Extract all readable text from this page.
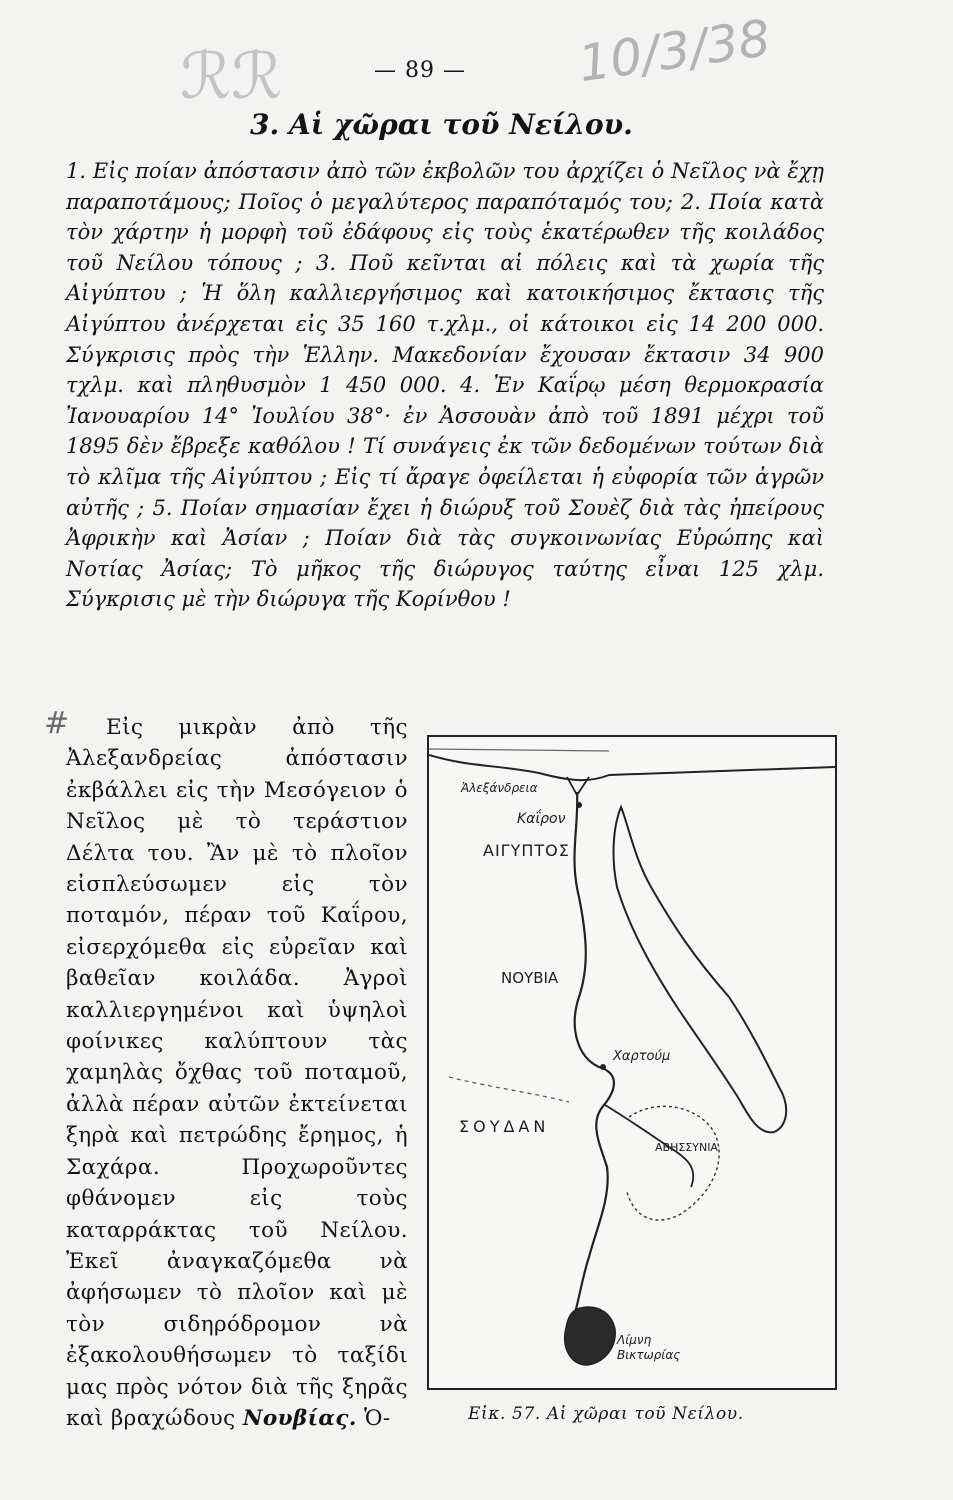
ℛℛ	10/3/38
— 89 —
3. Αἱ χῶραι τοῦ Νείλου.

1. Εἰς ποίαν ἀπόστασιν ἀπὸ τῶν ἐκβολῶν του ἀρχίζει ὁ Νεῖλος νὰ ἔχῃ παραποτάμους; Ποῖος ὁ μεγαλύτερος παραπόταμός του; 2. Ποία κατὰ τὸν χάρτην ἡ μορφὴ τοῦ ἐδάφους εἰς τοὺς ἑκατέρωθεν τῆς κοιλάδος τοῦ Νείλου τόπους ; 3. Ποῦ κεῖνται αἱ πόλεις καὶ τὰ χωρία τῆς Αἰγύπτου ; Ἡ ὅλη καλλιεργήσιμος καὶ κατοικήσιμος ἔκτασις τῆς Αἰγύπτου ἀνέρχεται εἰς 35 160 τ.χλμ., οἱ κάτοικοι εἰς 14 200 000. Σύγκρισις πρὸς τὴν Ἑλλην. Μακεδονίαν ἔχουσαν ἔκτασιν 34 900 τχλμ. καὶ πληθυσμὸν 1 450 000. 4. Ἐν Καΐρῳ μέση θερμοκρασία Ἰανουαρίου 14° Ἰουλίου 38°· ἐν Ἀσσουὰν ἀπὸ τοῦ 1891 μέχρι τοῦ 1895 δὲν ἔβρεξε καθόλου ! Τί συνάγεις ἐκ τῶν δεδομένων τούτων διὰ τὸ κλῖμα τῆς Αἰγύπτου ; Εἰς τί ἄραγε ὀφείλεται ἡ εὐφορία τῶν ἀγρῶν αὐτῆς ; 5. Ποίαν σημασίαν ἔχει ἡ διώρυξ τοῦ Σουὲζ διὰ τὰς ἠπείρους Ἀφρικὴν καὶ Ἀσίαν ; Ποίαν διὰ τὰς συγκοινωνίας Εὐρώπης καὶ Νοτίας Ἀσίας; Τὸ μῆκος τῆς διώρυγος ταύτης εἶναι 125 χλμ. Σύγκρισις μὲ τὴν διώρυγα τῆς Κορίνθου !

#	Εἰς μικρὰν ἀπὸ τῆς Ἀλεξανδρείας ἀπόστασιν ἐκβάλλει εἰς τὴν Μεσόγειον ὁ Νεῖλος μὲ τὸ τεράστιον Δέλτα του. Ἂν μὲ τὸ πλοῖον εἰσπλεύσωμεν εἰς τὸν ποταμόν, πέραν τοῦ Καΐρου, εἰσερχόμεθα εἰς εὐρεῖαν καὶ βαθεῖαν κοιλάδα. Ἀγροὶ καλλιεργημένοι καὶ ὑψηλοὶ φοίνικες καλύπτουν τὰς χαμηλὰς ὄχθας τοῦ ποταμοῦ, ἀλλὰ πέραν αὐτῶν ἐκτείνεται ξηρὰ καὶ πετρώδης ἔρημος, ἡ Σαχάρα. Προχωροῦντες φθάνομεν εἰς τοὺς καταρράκτας τοῦ Νείλου. Ἐκεῖ ἀναγκαζόμεθα νὰ ἀφήσωμεν τὸ πλοῖον καὶ μὲ τὸν σιδηρόδρομον νὰ ἐξακολουθήσωμεν τὸ ταξίδι μας πρὸς νότον διὰ τῆς ξηρᾶς καὶ βραχώδους Νουβίας. Ὁ-

Ἀλεξάνδρεια
Καΐρον
ΑΙΓΥΠΤΟΣ
ΝΟΥΒΙΑ
Χαρτούμ
ΣΟΥΔΑΝ
ΑΒΗΣΣΥΝΙΑ
Λίμνη Βικτωρίας
Εἰκ. 57. Αἱ χῶραι τοῦ Νείλου.
